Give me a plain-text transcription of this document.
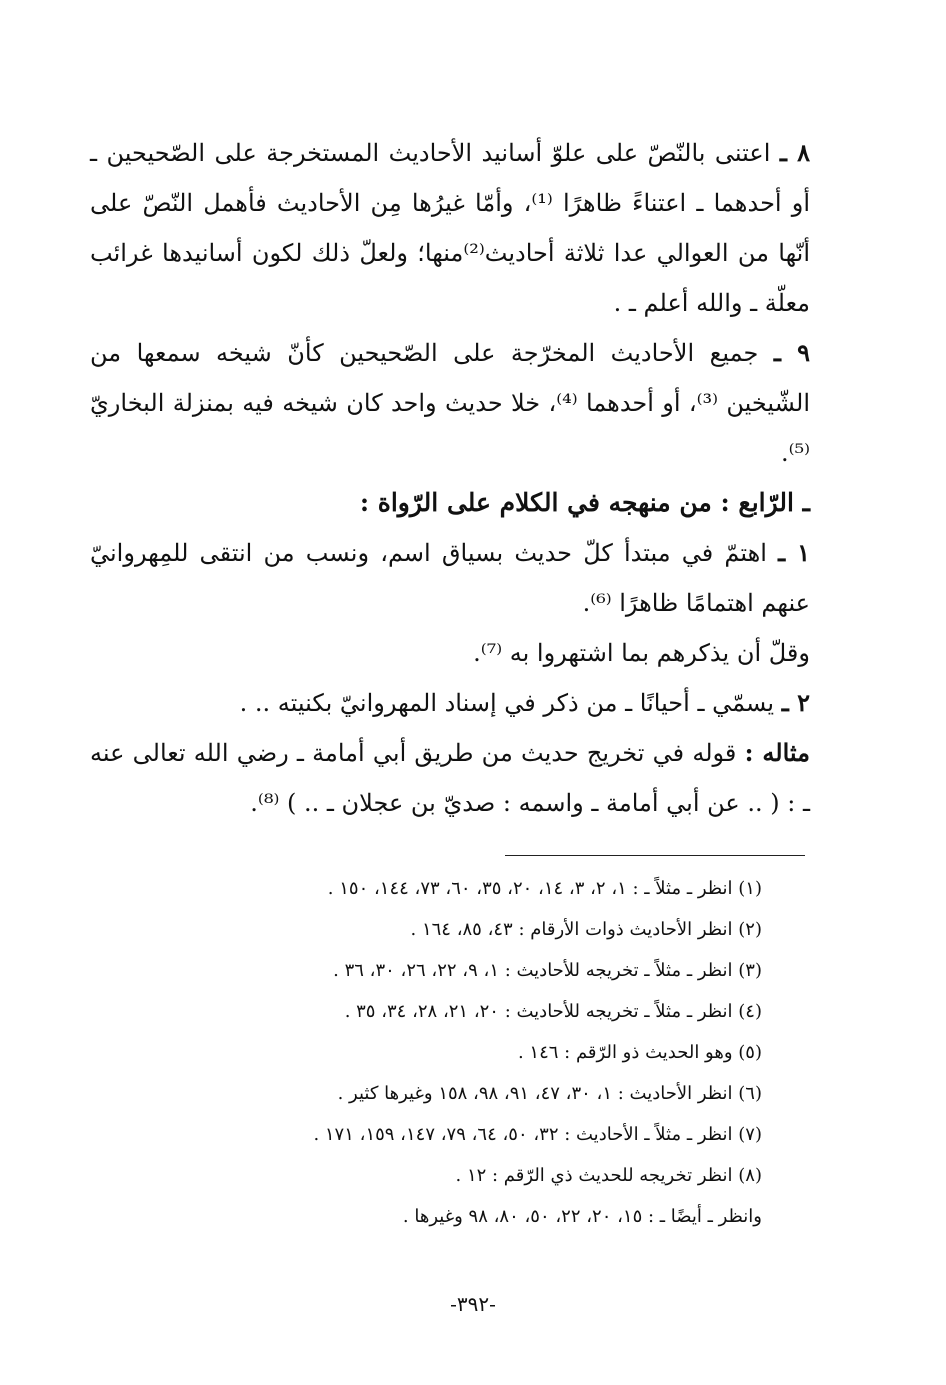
٨ ـ اعتنى بالنّصّ على علوّ أسانيد الأحاديث المستخرجة على الصّحيحين ـ أو أحدهما ـ اعتناءً ظاهرًا ⁽¹⁾، وأمّا غيرُها مِن الأحاديث فأهمل النّصّ على أنّها من العوالي عدا ثلاثة أحاديث⁽²⁾منها؛ ولعلّ ذلك لكون أسانيدها غرائب معلّة ـ والله أعلم ـ .

٩ ـ جميع الأحاديث المخرّجة على الصّحيحين كأنّ شيخه سمعها من الشّيخين ⁽³⁾، أو أحدهما ⁽⁴⁾، خلا حديث واحد كان شيخه فيه بمنزلة البخاريّ ⁽⁵⁾.

ـ الرّابع : من منهجه في الكلام على الرّواة :

١ ـ اهتمّ في مبتدأ كلّ حديث بسياق اسم، ونسب من انتقى للمِهروانيّ عنهم اهتمامًا ظاهرًا ⁽⁶⁾.

وقلّ أن يذكرهم بما اشتهروا به ⁽⁷⁾.

٢ ـ يسمّي ـ أحيانًا ـ من ذكر في إسناد المهروانيّ بكنيته .. .

مثاله : قوله في تخريج حديث من طريق أبي أمامة ـ رضي الله تعالى عنه ـ : ( .. عن أبي أمامة ـ واسمه : صديّ بن عجلان ـ .. ) ⁽⁸⁾.

(١) انظر ـ مثلاً ـ : ١، ٢، ٣، ١٤، ٢٠، ٣٥، ٦٠، ٧٣، ١٤٤، ١٥٠ .

(٢) انظر الأحاديث ذوات الأرقام : ٤٣، ٨٥، ١٦٤ .

(٣) انظر ـ مثلاً ـ تخريجه للأحاديث : ١، ٩، ٢٢، ٢٦، ٣٠، ٣٦ .

(٤) انظر ـ مثلاً ـ تخريجه للأحاديث : ٢٠، ٢١، ٢٨، ٣٤، ٣٥ .

(٥) وهو الحديث ذو الرّقم : ١٤٦ .

(٦) انظر الأحاديث : ١، ٣٠، ٤٧، ٩١، ٩٨، ١٥٨ وغيرها كثير .

(٧) انظر ـ مثلاً ـ الأحاديث : ٣٢، ٥٠، ٦٤، ٧٩، ١٤٧، ١٥٩، ١٧١ .

(٨) انظر تخريجه للحديث ذي الرّقم : ١٢ .

وانظر ـ أيضًا ـ : ١٥، ٢٠، ٢٢، ٥٠، ٨٠، ٩٨ وغيرها .

-٣٩٢-
